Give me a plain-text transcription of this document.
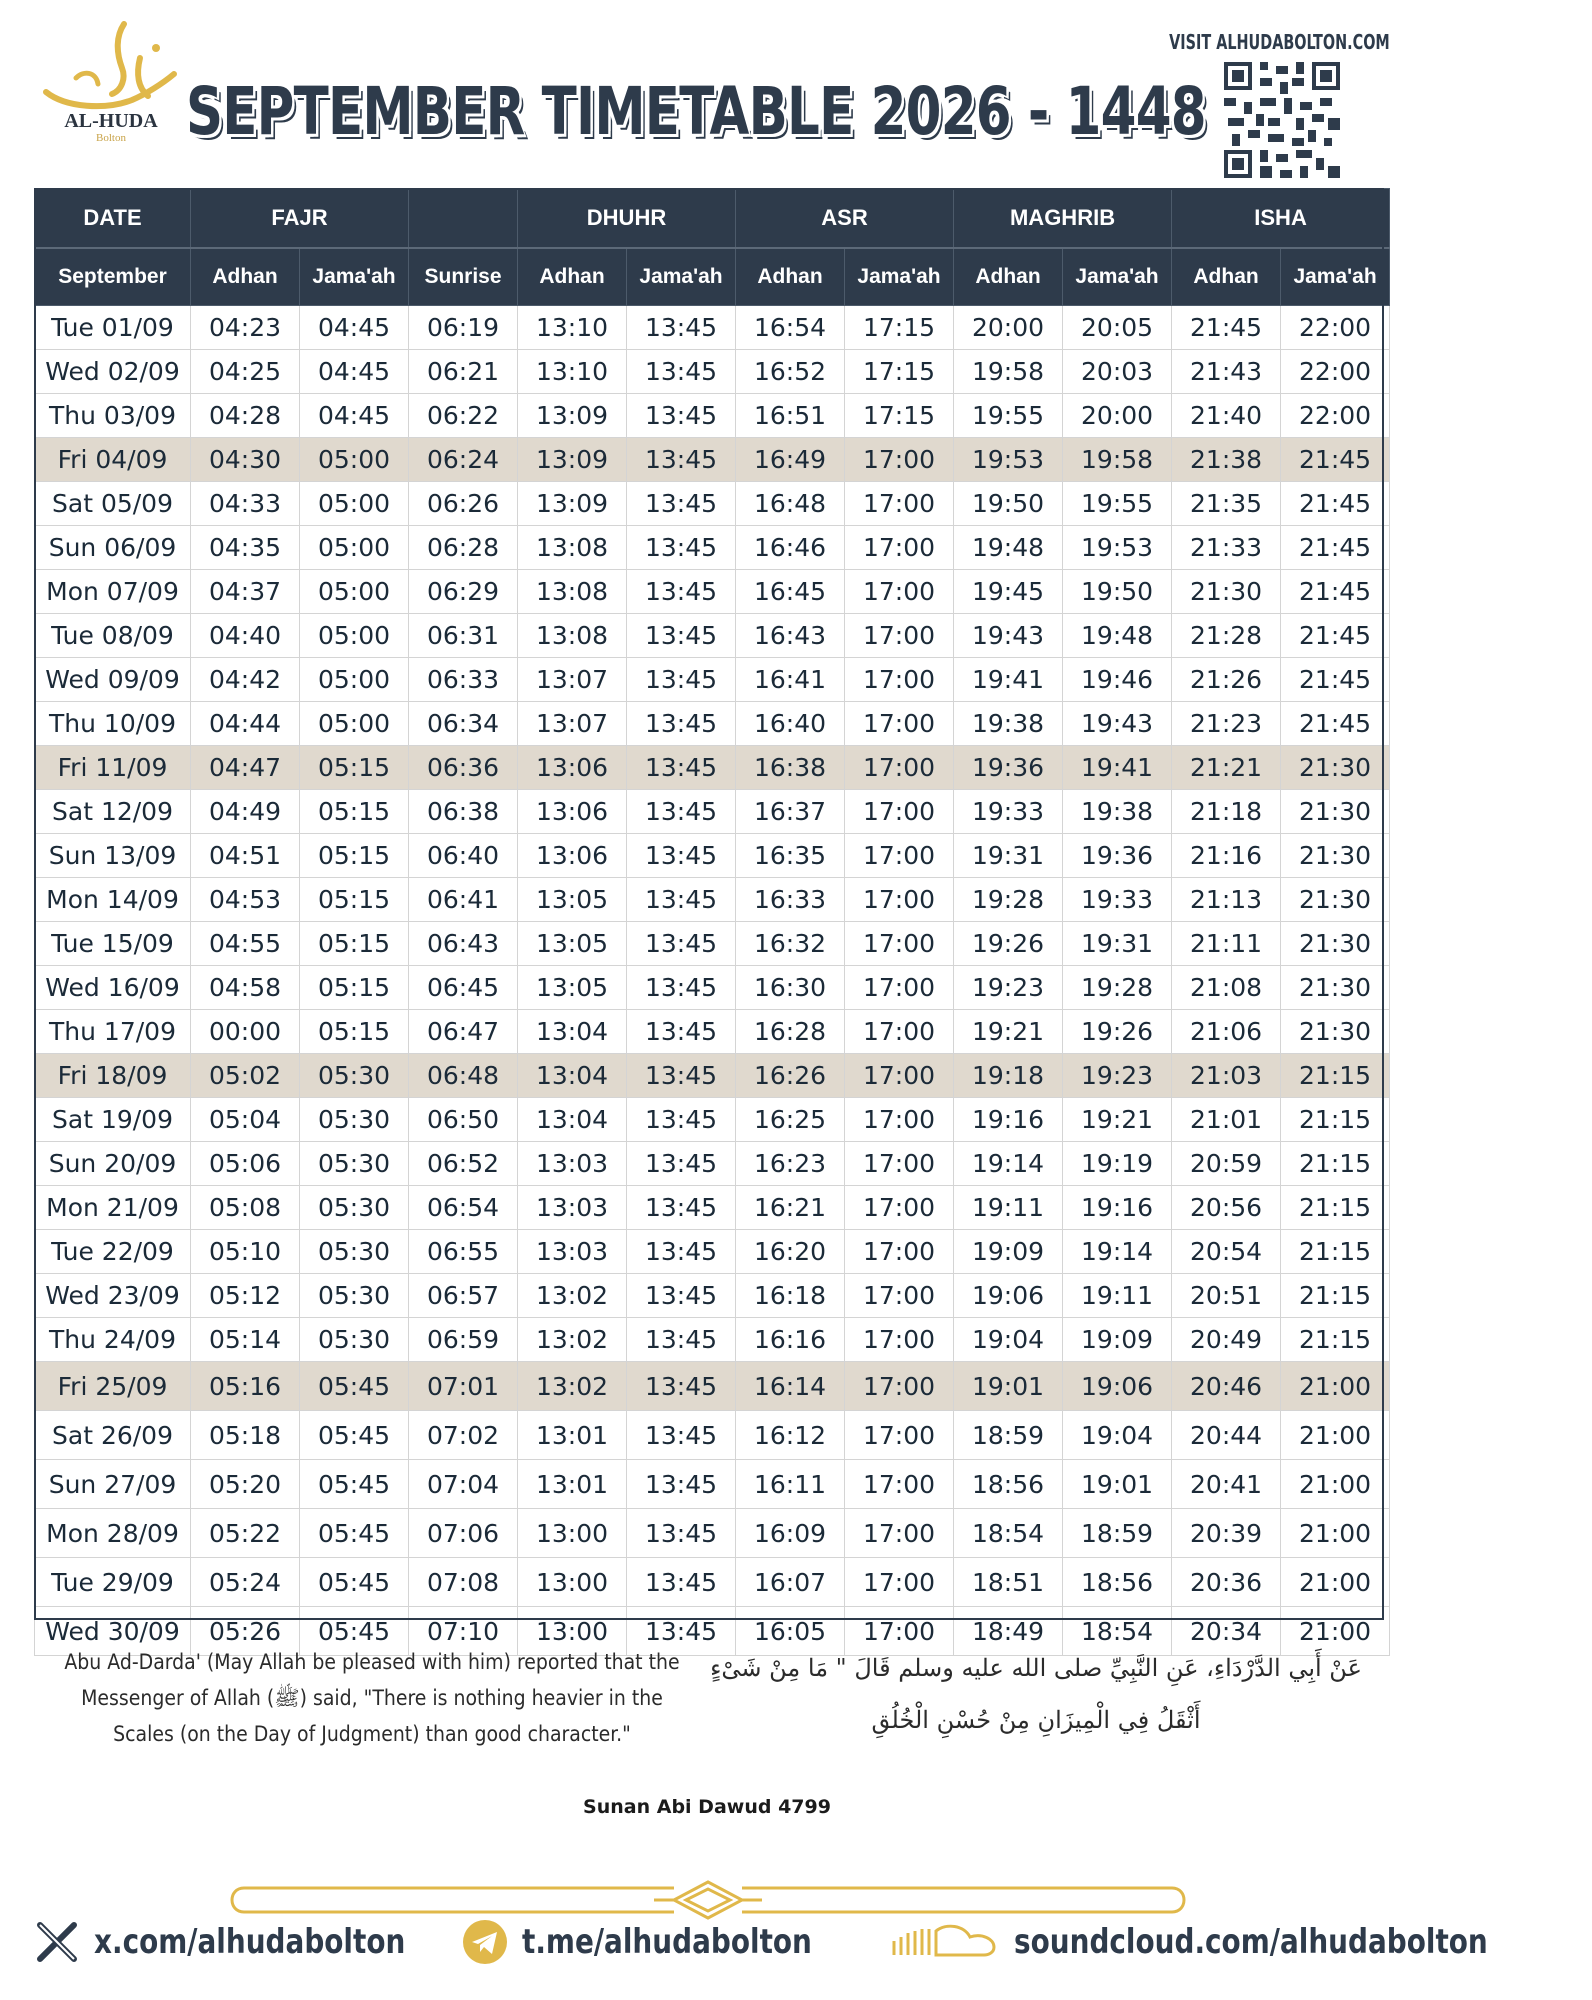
AL-HUDA
Bolton SEPTEMBER TIMETABLE 2026 - 1448
VISIT ALHUDABOLTON.COM
DATE	FAJR			DHUHR		ASR		MAGHRIB		ISHA	
September	Adhan	Jama'ah	Sunrise	Adhan	Jama'ah	Adhan	Jama'ah	Adhan	Jama'ah	Adhan	Jama'ah
Tue 01/09	04:23	04:45	06:19	13:10	13:45	16:54	17:15	20:00	20:05	21:45	22:00
Wed 02/09	04:25	04:45	06:21	13:10	13:45	16:52	17:15	19:58	20:03	21:43	22:00
Thu 03/09	04:28	04:45	06:22	13:09	13:45	16:51	17:15	19:55	20:00	21:40	22:00
Fri 04/09	04:30	05:00	06:24	13:09	13:45	16:49	17:00	19:53	19:58	21:38	21:45
Sat 05/09	04:33	05:00	06:26	13:09	13:45	16:48	17:00	19:50	19:55	21:35	21:45
Sun 06/09	04:35	05:00	06:28	13:08	13:45	16:46	17:00	19:48	19:53	21:33	21:45
Mon 07/09	04:37	05:00	06:29	13:08	13:45	16:45	17:00	19:45	19:50	21:30	21:45
Tue 08/09	04:40	05:00	06:31	13:08	13:45	16:43	17:00	19:43	19:48	21:28	21:45
Wed 09/09	04:42	05:00	06:33	13:07	13:45	16:41	17:00	19:41	19:46	21:26	21:45
Thu 10/09	04:44	05:00	06:34	13:07	13:45	16:40	17:00	19:38	19:43	21:23	21:45
Fri 11/09	04:47	05:15	06:36	13:06	13:45	16:38	17:00	19:36	19:41	21:21	21:30
Sat 12/09	04:49	05:15	06:38	13:06	13:45	16:37	17:00	19:33	19:38	21:18	21:30
Sun 13/09	04:51	05:15	06:40	13:06	13:45	16:35	17:00	19:31	19:36	21:16	21:30
Mon 14/09	04:53	05:15	06:41	13:05	13:45	16:33	17:00	19:28	19:33	21:13	21:30
Tue 15/09	04:55	05:15	06:43	13:05	13:45	16:32	17:00	19:26	19:31	21:11	21:30
Wed 16/09	04:58	05:15	06:45	13:05	13:45	16:30	17:00	19:23	19:28	21:08	21:30
Thu 17/09	00:00	05:15	06:47	13:04	13:45	16:28	17:00	19:21	19:26	21:06	21:30
Fri 18/09	05:02	05:30	06:48	13:04	13:45	16:26	17:00	19:18	19:23	21:03	21:15
Sat 19/09	05:04	05:30	06:50	13:04	13:45	16:25	17:00	19:16	19:21	21:01	21:15
Sun 20/09	05:06	05:30	06:52	13:03	13:45	16:23	17:00	19:14	19:19	20:59	21:15
Mon 21/09	05:08	05:30	06:54	13:03	13:45	16:21	17:00	19:11	19:16	20:56	21:15
Tue 22/09	05:10	05:30	06:55	13:03	13:45	16:20	17:00	19:09	19:14	20:54	21:15
Wed 23/09	05:12	05:30	06:57	13:02	13:45	16:18	17:00	19:06	19:11	20:51	21:15
Thu 24/09	05:14	05:30	06:59	13:02	13:45	16:16	17:00	19:04	19:09	20:49	21:15
Fri 25/09	05:16	05:45	07:01	13:02	13:45	16:14	17:00	19:01	19:06	20:46	21:00
Sat 26/09	05:18	05:45	07:02	13:01	13:45	16:12	17:00	18:59	19:04	20:44	21:00
Sun 27/09	05:20	05:45	07:04	13:01	13:45	16:11	17:00	18:56	19:01	20:41	21:00
Mon 28/09	05:22	05:45	07:06	13:00	13:45	16:09	17:00	18:54	18:59	20:39	21:00
Tue 29/09	05:24	05:45	07:08	13:00	13:45	16:07	17:00	18:51	18:56	20:36	21:00
Wed 30/09	05:26	05:45	07:10	13:00	13:45	16:05	17:00	18:49	18:54	20:34	21:00
Abu Ad-Darda' (May Allah be pleased with him) reported that the Messenger of Allah (ﷺ) said, "There is nothing heavier in the Scales (on the Day of Judgment) than good character."
عَنْ أَبِي الدَّرْدَاءِ، عَنِ النَّبِيِّ صلى الله عليه وسلم قَالَ " مَا مِنْ شَىْءٍ أَثْقَلُ فِي الْمِيزَانِ مِنْ حُسْنِ الْخُلُقِ
Sunan Abi Dawud 4799
x.com/alhudabolton	t.me/alhudabolton	soundcloud.com/alhudabolton
